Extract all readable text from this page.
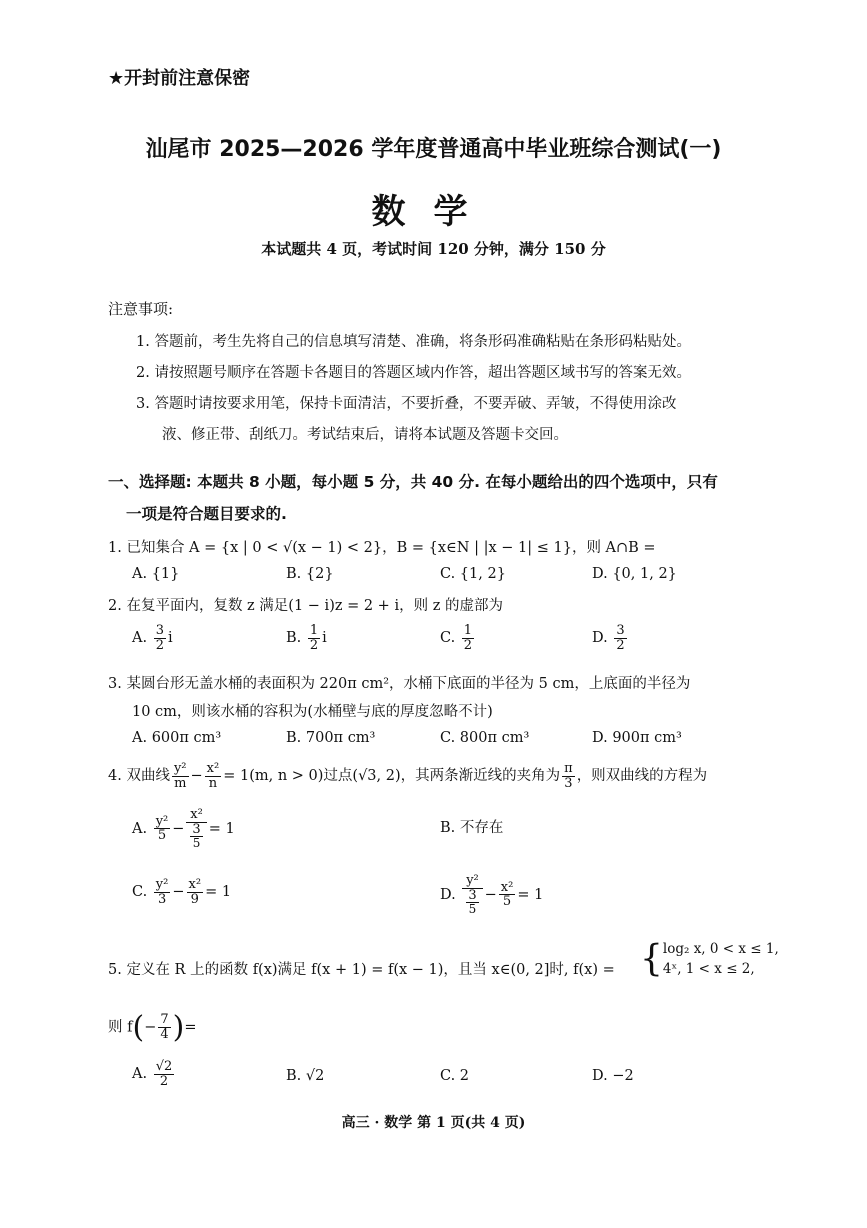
★开封前注意保密
汕尾市 2025—2026 学年度普通高中毕业班综合测试(一)
数学
本试题共 4 页，考试时间 120 分钟，满分 150 分
注意事项:
1. 答题前，考生先将自己的信息填写清楚、准确，将条形码准确粘贴在条形码粘贴处。
2. 请按照题号顺序在答题卡各题目的答题区域内作答，超出答题区域书写的答案无效。
3. 答题时请按要求用笔，保持卡面清洁，不要折叠，不要弄破、弄皱，不得使用涂改
液、修正带、刮纸刀。考试结束后，请将本试题及答题卡交回。
一、选择题: 本题共 8 小题，每小题 5 分，共 40 分. 在每小题给出的四个选项中，只有
一项是符合题目要求的.
1. 已知集合 A = {x | 0 < √(x − 1) < 2}，B = {x∈N | |x − 1| ≤ 1}，则 A∩B =
A. {1}	B. {2}	C. {1, 2}	D. {0, 1, 2}
2. 在复平面内，复数 z 满足(1 − i)z = 2 + i，则 z 的虚部为
A. $\frac{3}{2}$ i	B. $\frac{1}{2}$ i	C. $\frac{1}{2}$	D. $\frac{3}{2}$
3. 某圆台形无盖水桶的表面积为 220π cm²，水桶下底面的半径为 5 cm，上底面的半径为
10 cm，则该水桶的容积为(水桶壁与底的厚度忽略不计)
A. 600π cm³	B. 700π cm³	C. 800π cm³	D. 900π cm³
4. 双曲线 $\frac{\text{y²}}{m} - \frac{\text{x²}}{n} = 1(m$, n > 0)过点(√3, 2)，其两条渐近线的夹角为 $\frac{\pi}{3}$ ，则双曲线的方程为
A. $\frac{\text{y²}}{5} - \frac{\text{x²}}{\frac{3}{5}} = 1$	B. 不存在
C. $\frac{\text{y²}}{3} - \frac{\text{x²}}{9} = 1$	D. $\frac{\text{y²}}{\frac{3}{5}} - \frac{\text{x²}}{5} = 1$
5. 定义在 R 上的函数 f(x)满足 f(x + 1) = f(x − 1)，且当 x∈(0, 2]时, f(x) = { log₂ x, 0 < x ≤ 1,
4ˣ, 1 < x ≤ 2,
则 $f(- \frac{7}{4}$ )=
A. $\frac{√2}{2}$	B. √2	C. 2	D. −2
高三 · 数学 第 1 页(共 4 页)
